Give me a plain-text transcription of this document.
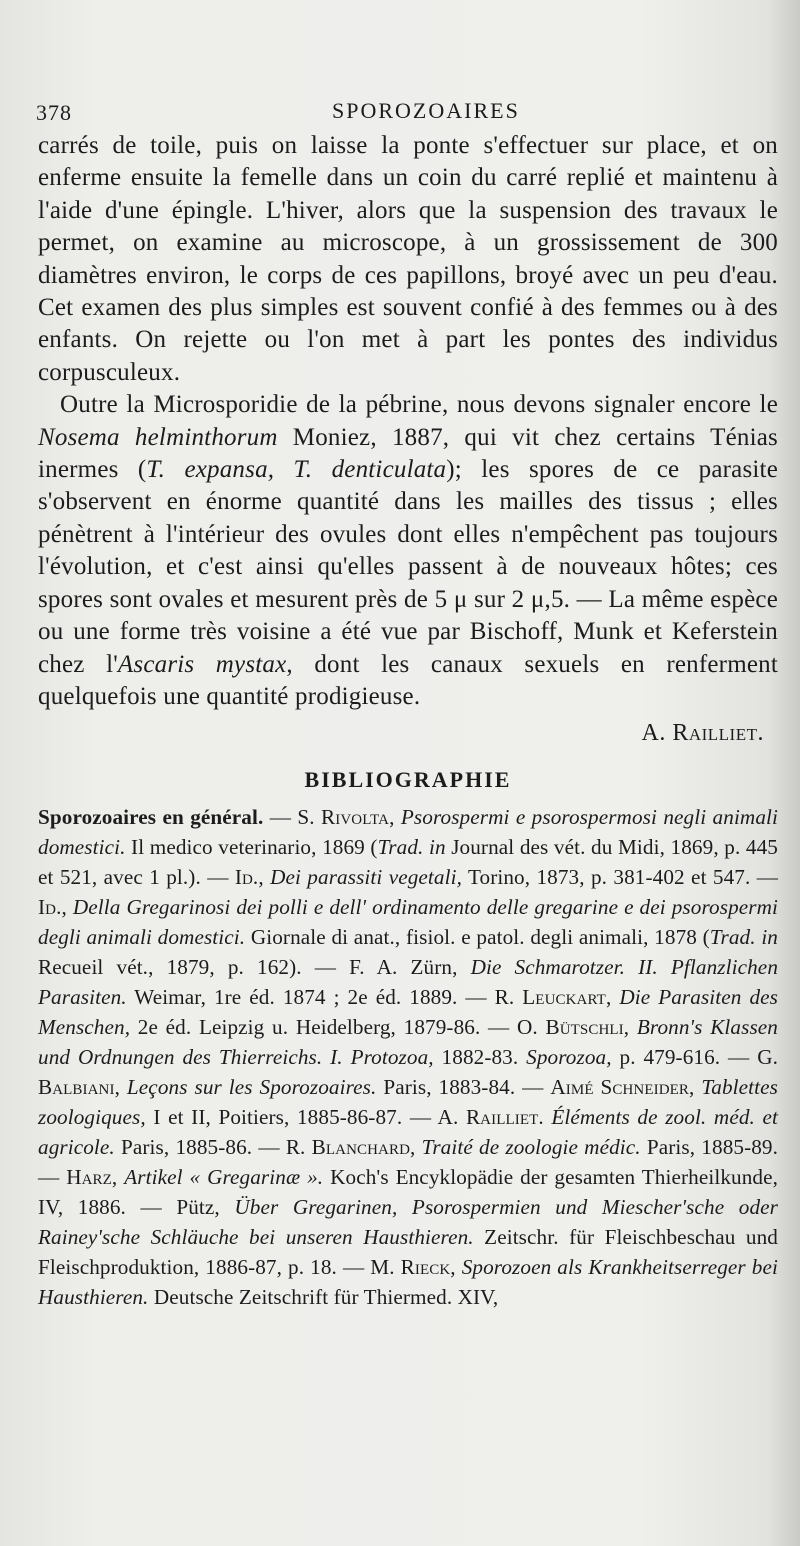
378	SPOROZOAIRES

carrés de toile, puis on laisse la ponte s'effectuer sur place, et on enferme ensuite la femelle dans un coin du carré replié et maintenu à l'aide d'une épingle. L'hiver, alors que la suspension des travaux le permet, on examine au microscope, à un grossissement de 300 diamètres environ, le corps de ces papillons, broyé avec un peu d'eau. Cet examen des plus simples est souvent confié à des femmes ou à des enfants. On rejette ou l'on met à part les pontes des individus corpusculeux.

Outre la Microsporidie de la pébrine, nous devons signaler encore le Nosema helminthorum Moniez, 1887, qui vit chez certains Ténias inermes (T. expansa, T. denticulata); les spores de ce parasite s'observent en énorme quantité dans les mailles des tissus ; elles pénètrent à l'intérieur des ovules dont elles n'empêchent pas toujours l'évolution, et c'est ainsi qu'elles passent à de nouveaux hôtes; ces spores sont ovales et mesurent près de 5 μ sur 2 μ,5. — La même espèce ou une forme très voisine a été vue par Bischoff, Munk et Keferstein chez l'Ascaris mystax, dont les canaux sexuels en renferment quelquefois une quantité prodigieuse.

A. Railliet.
BIBLIOGRAPHIE

Sporozoaires en général. — S. Rivolta, Psorospermi e psorospermosi negli animali domestici. Il medico veterinario, 1869 (Trad. in Journal des vét. du Midi, 1869, p. 445 et 521, avec 1 pl.). — Id., Dei parassiti vegetali, Torino, 1873, p. 381-402 et 547. — Id., Della Gregarinosi dei polli e dell' ordinamento delle gregarine e dei psorospermi degli animali domestici. Giornale di anat., fisiol. e patol. degli animali, 1878 (Trad. in Recueil vét., 1879, p. 162). — F. A. Zürn, Die Schmarotzer. II. Pflanzlichen Parasiten. Weimar, 1re éd. 1874 ; 2e éd. 1889. — R. Leuckart, Die Parasiten des Menschen, 2e éd. Leipzig u. Heidelberg, 1879-86. — O. Bütschli, Bronn's Klassen und Ordnungen des Thierreichs. I. Protozoa, 1882-83. Sporozoa, p. 479-616. — G. Balbiani, Leçons sur les Sporozoaires. Paris, 1883-84. — Aimé Schneider, Tablettes zoologiques, I et II, Poitiers, 1885-86-87. — A. Railliet. Éléments de zool. méd. et agricole. Paris, 1885-86. — R. Blanchard, Traité de zoologie médic. Paris, 1885-89.— Harz, Artikel « Gregarinæ ». Koch's Encyklopädie der gesamten Thierheilkunde, IV, 1886. — Pütz, Über Gregarinen, Psorospermien und Miescher'sche oder Rainey'sche Schläuche bei unseren Hausthieren. Zeitschr. für Fleischbeschau und Fleischproduktion, 1886-87, p. 18. — M. Rieck, Sporozoen als Krankheitserreger bei Hausthieren. Deutsche Zeitschrift für Thiermed. XIV,
